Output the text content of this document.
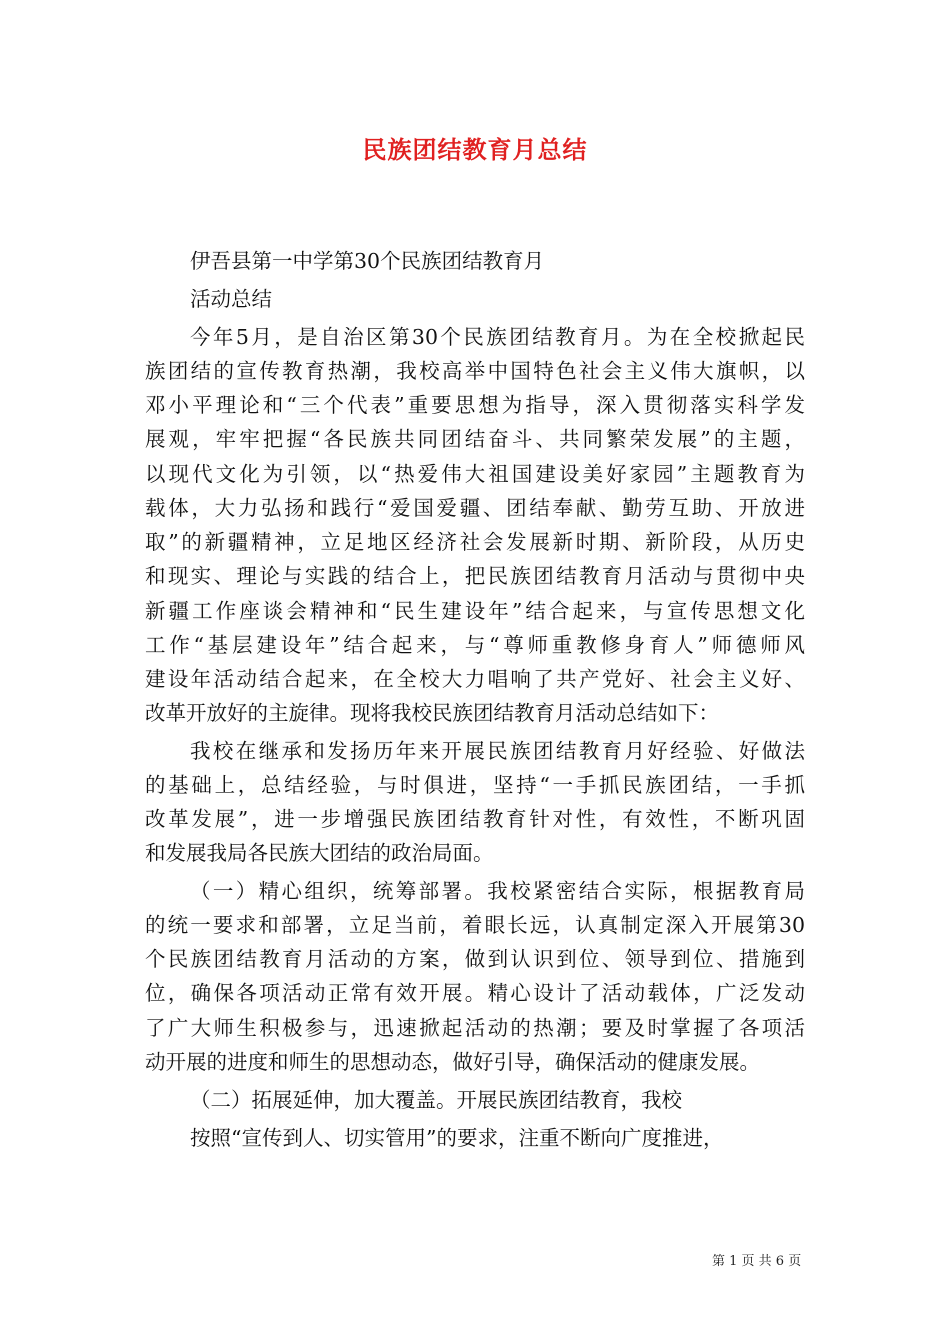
民族团结教育月总结
伊吾县第一中学第30个民族团结教育月
活动总结
今年5月，是自治区第30个民族团结教育月。为在全校掀起民
族团结的宣传教育热潮，我校高举中国特色社会主义伟大旗帜，以
邓小平理论和“三个代表”重要思想为指导，深入贯彻落实科学发
展观，牢牢把握“各民族共同团结奋斗、共同繁荣发展”的主题，
以现代文化为引领，以“热爱伟大祖国建设美好家园”主题教育为
载体，大力弘扬和践行“爱国爱疆、团结奉献、勤劳互助、开放进
取”的新疆精神，立足地区经济社会发展新时期、新阶段，从历史
和现实、理论与实践的结合上，把民族团结教育月活动与贯彻中央
新疆工作座谈会精神和“民生建设年”结合起来，与宣传思想文化
工作“基层建设年”结合起来，与“尊师重教修身育人”师德师风
建设年活动结合起来，在全校大力唱响了共产党好、社会主义好、
改革开放好的主旋律。现将我校民族团结教育月活动总结如下：
我校在继承和发扬历年来开展民族团结教育月好经验、好做法
的基础上，总结经验，与时俱进，坚持“一手抓民族团结，一手抓
改革发展”，进一步增强民族团结教育针对性，有效性，不断巩固
和发展我局各民族大团结的政治局面。
（一）精心组织，统筹部署。我校紧密结合实际，根据教育局
的统一要求和部署，立足当前，着眼长远，认真制定深入开展第30
个民族团结教育月活动的方案，做到认识到位、领导到位、措施到
位，确保各项活动正常有效开展。精心设计了活动载体，广泛发动
了广大师生积极参与，迅速掀起活动的热潮；要及时掌握了各项活
动开展的进度和师生的思想动态，做好引导，确保活动的健康发展。
（二）拓展延伸，加大覆盖。开展民族团结教育，我校
按照“宣传到人、切实管用”的要求，注重不断向广度推进，
第 1 页 共 6 页
